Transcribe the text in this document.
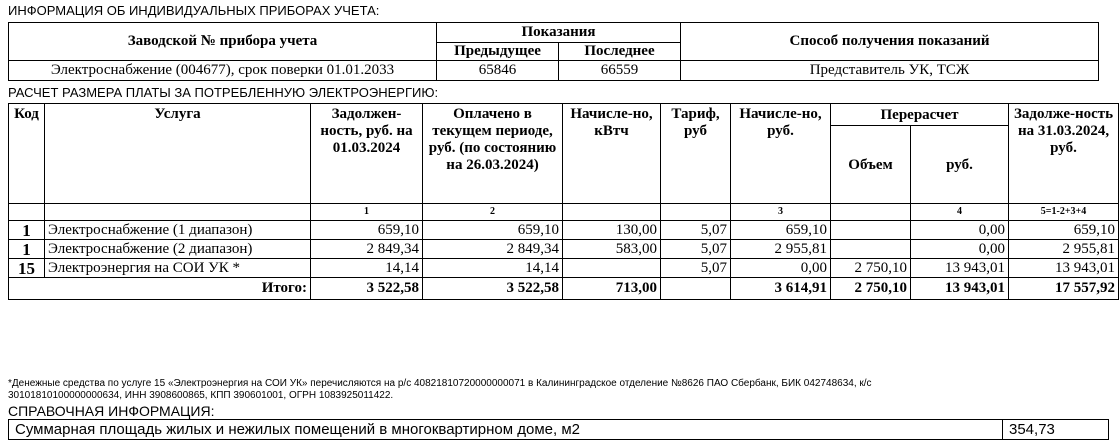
ИНФОРМАЦИЯ ОБ ИНДИВИДУАЛЬНЫХ ПРИБОРАХ УЧЕТА:
Заводской № прибора учета	Показания		Способ получения показаний
	Предыдущее	Последнее	
Электроснабжение (004677), срок поверки 01.01.2033	65846	66559	Представитель УК, ТСЖ
РАСЧЕТ РАЗМЕРА ПЛАТЫ ЗА ПОТРЕБЛЕННУЮ ЭЛЕКТРОЭНЕРГИЮ:
Код	Услуга	Задолжен-ность, руб. на 01.03.2024	Оплачено в текущем периоде, руб. (по состоянию на 26.03.2024)	Начисле-но, кВтч	Тариф, руб	Начисле-но, руб.	Перерасчет		Задолже-ность на 31.03.2024, руб.
							Объем	руб.	
		1	2			3		4	5=1-2+3+4
1	Электроснабжение (1 диапазон)	659,10	659,10	130,00	5,07	659,10		0,00	659,10
1	Электроснабжение (2 диапазон)	2 849,34	2 849,34	583,00	5,07	2 955,81		0,00	2 955,81
15	Электроэнергия на СОИ УК *	14,14	14,14		5,07	0,00	2 750,10	13 943,01	13 943,01
Итого:		3 522,58	3 522,58	713,00		3 614,91	2 750,10	13 943,01	17 557,92
*Денежные средства по услуге 15 «Электроэнергия на СОИ УК» перечисляются на р/с 40821810720000000071 в Калининградское отделение №8626 ПАО Сбербанк, БИК 042748634, к/с
30101810100000000634, ИНН 3908600865, КПП 390601001, ОГРН 1083925011422.
СПРАВОЧНАЯ ИНФОРМАЦИЯ:
Суммарная площадь жилых и нежилых помещений в многоквартирном доме, м2	354,73
